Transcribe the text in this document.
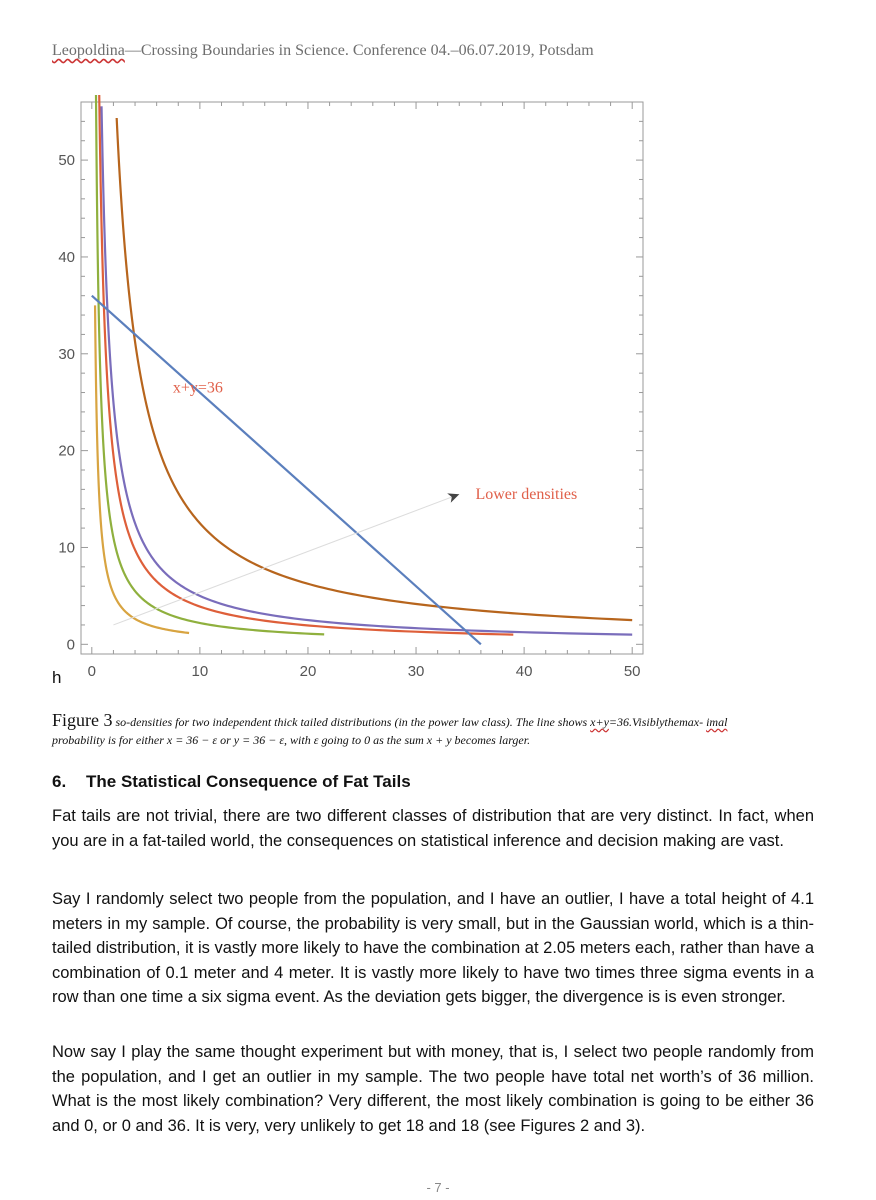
Leopoldina—Crossing Boundaries in Science. Conference 04.–06.07.2019, Potsdam
0	10	20	30	40	50
0
10
20
30
40
50
x+y=36
Lower densities
h
Figure 3 so-densities for two independent thick tailed distributions (in the power law class). The line shows x+y=36.Visiblythemax- imal
probability is for either x = 36 − ε or y = 36 − ε, with ε going to 0 as the sum x + y becomes larger.
6. The Statistical Consequence of Fat Tails

Fat tails are not trivial, there are two different classes of distribution that are very distinct. In fact, when you are in a fat-tailed world, the consequences on statistical inference and decision making are vast.

Say I randomly select two people from the population, and I have an outlier, I have a total height of 4.1 meters in my sample. Of course, the probability is very small, but in the Gaussian world, which is a thin-tailed distribution, it is vastly more likely to have the combination at 2.05 meters each, rather than have a combination of 0.1 meter and 4 meter. It is vastly more likely to have two times three sigma events in a row than one time a six sigma event. As the deviation gets bigger, the divergence is is even stronger.

Now say I play the same thought experiment but with money, that is, I select two people randomly from the population, and I get an outlier in my sample. The two people have total net worth’s of 36 million. What is the most likely combination? Very different, the most likely combination is going to be either 36 and 0, or 0 and 36. It is very, very unlikely to get 18 and 18 (see Figures 2 and 3).

- 7 -
